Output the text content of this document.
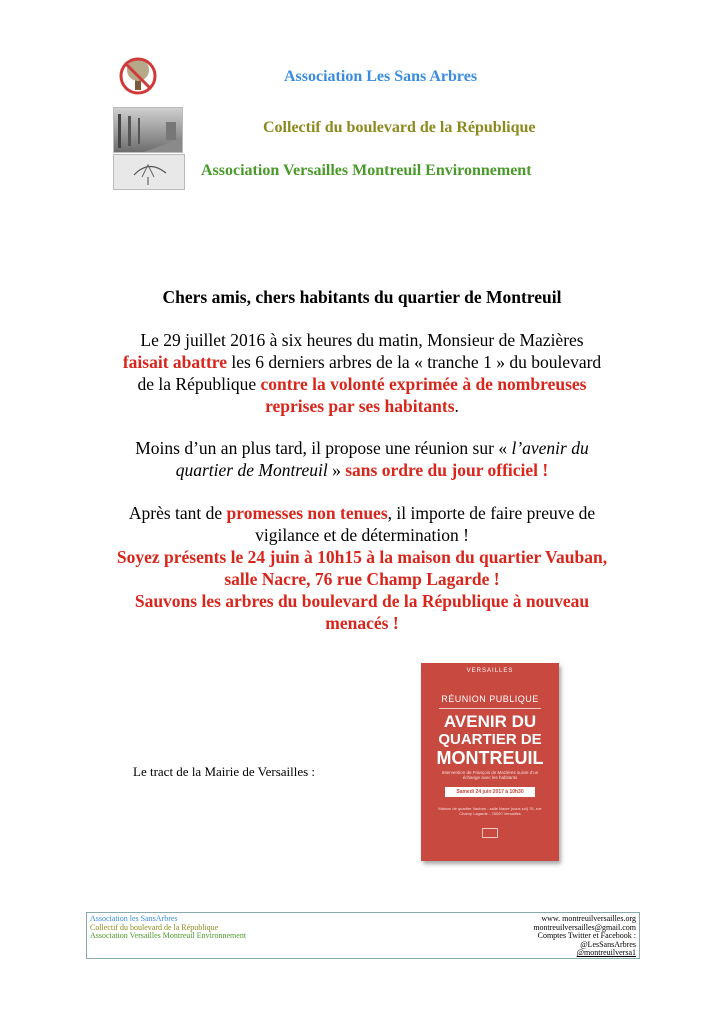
Association Les Sans Arbres
Collectif du boulevard de la République
Association Versailles Montreuil Environnement
Chers amis, chers habitants du quartier de Montreuil
Le 29 juillet 2016 à six heures du matin, Monsieur de Mazières
faisait abattre les 6 derniers arbres de la « tranche 1 » du boulevard
de la République contre la volonté exprimée à de nombreuses
reprises par ses habitants.
Moins d’un an plus tard, il propose une réunion sur « l’avenir du
quartier de Montreuil » sans ordre du jour officiel !
Après tant de promesses non tenues, il importe de faire preuve de
vigilance et de détermination !
Soyez présents le 24 juin à 10h15 à la maison du quartier Vauban,
salle Nacre, 76 rue Champ Lagarde !
Sauvons les arbres du boulevard de la République à nouveau
menacés !
Le tract de la Mairie de Versailles :
VERSAILLES
RÉUNION PUBLIQUE
AVENIR DU
QUARTIER DE
MONTREUIL
Intervention de François de Mazières suivie d’un échange avec les habitants
Samedi 24 juin 2017 à 10h30
Maison de quartier Vauban - salle Nacre (sous sol) 76, rue Champ Lagarde - 78000 Versailles
Association les SansArbres
Collectif du boulevard de la République
Association Versailles Montreuil Environnement
www. montreuilversailles.org
montreuilversailles@gmail.com
Comptes Twitter et Facebook :
@LesSansArbres
@montreuilversa1
